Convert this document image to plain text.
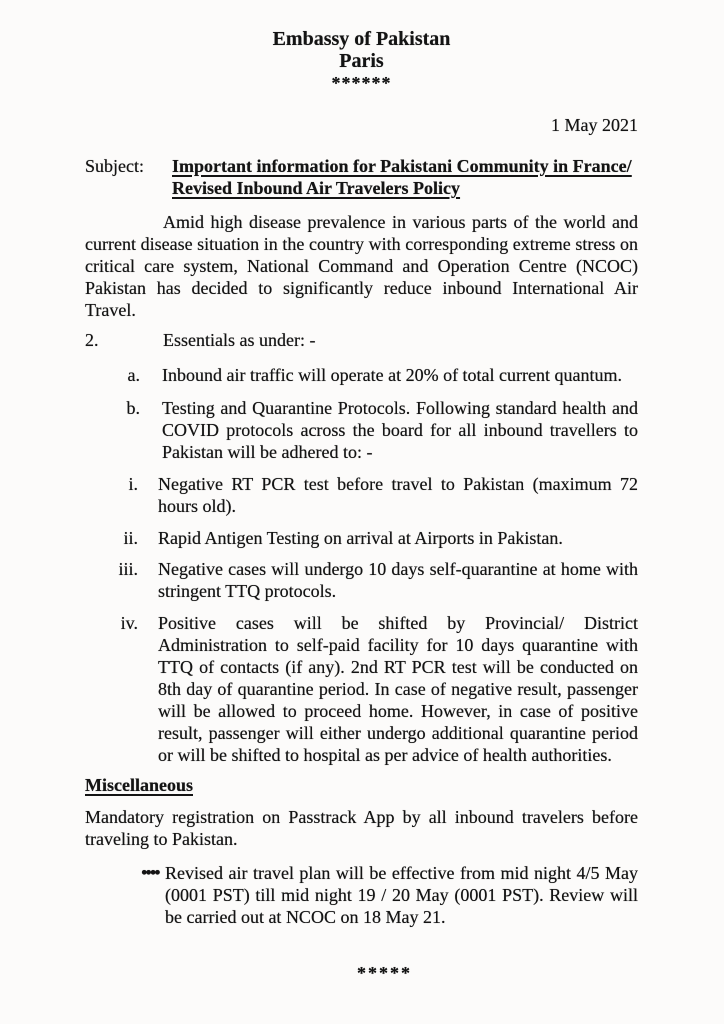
Embassy of Pakistan
Paris
******
1 May 2021
Subject:	Important information for Pakistani Community in France/
Revised Inbound Air Travelers Policy
Amid high disease prevalence in various parts of the world and current disease situation in the country with corresponding extreme stress on critical care system, National Command and Operation Centre (NCOC) Pakistan has decided to significantly reduce inbound International Air Travel.
2.	Essentials as under: -
a.	Inbound air traffic will operate at 20% of total current quantum.
b.	Testing and Quarantine Protocols. Following standard health and COVID protocols across the board for all inbound travellers to Pakistan will be adhered to: -
i.	Negative RT PCR test before travel to Pakistan (maximum 72 hours old).
ii.	Rapid Antigen Testing on arrival at Airports in Pakistan.
iii.	Negative cases will undergo 10 days self-quarantine at home with stringent TTQ protocols.
iv.	Positive cases will be shifted by Provincial/ District Administration to self-paid facility for 10 days quarantine with TTQ of contacts (if any). 2nd RT PCR test will be conducted on 8th day of quarantine period. In case of negative result, passenger will be allowed to proceed home. However, in case of positive result, passenger will either undergo additional quarantine period or will be shifted to hospital as per advice of health authorities.
Miscellaneous
Mandatory registration on Passtrack App by all inbound travelers before traveling to Pakistan.
•••• Revised air travel plan will be effective from mid night 4/5 May (0001 PST) till mid night 19 / 20 May (0001 PST). Review will be carried out at NCOC on 18 May 21.
*****
